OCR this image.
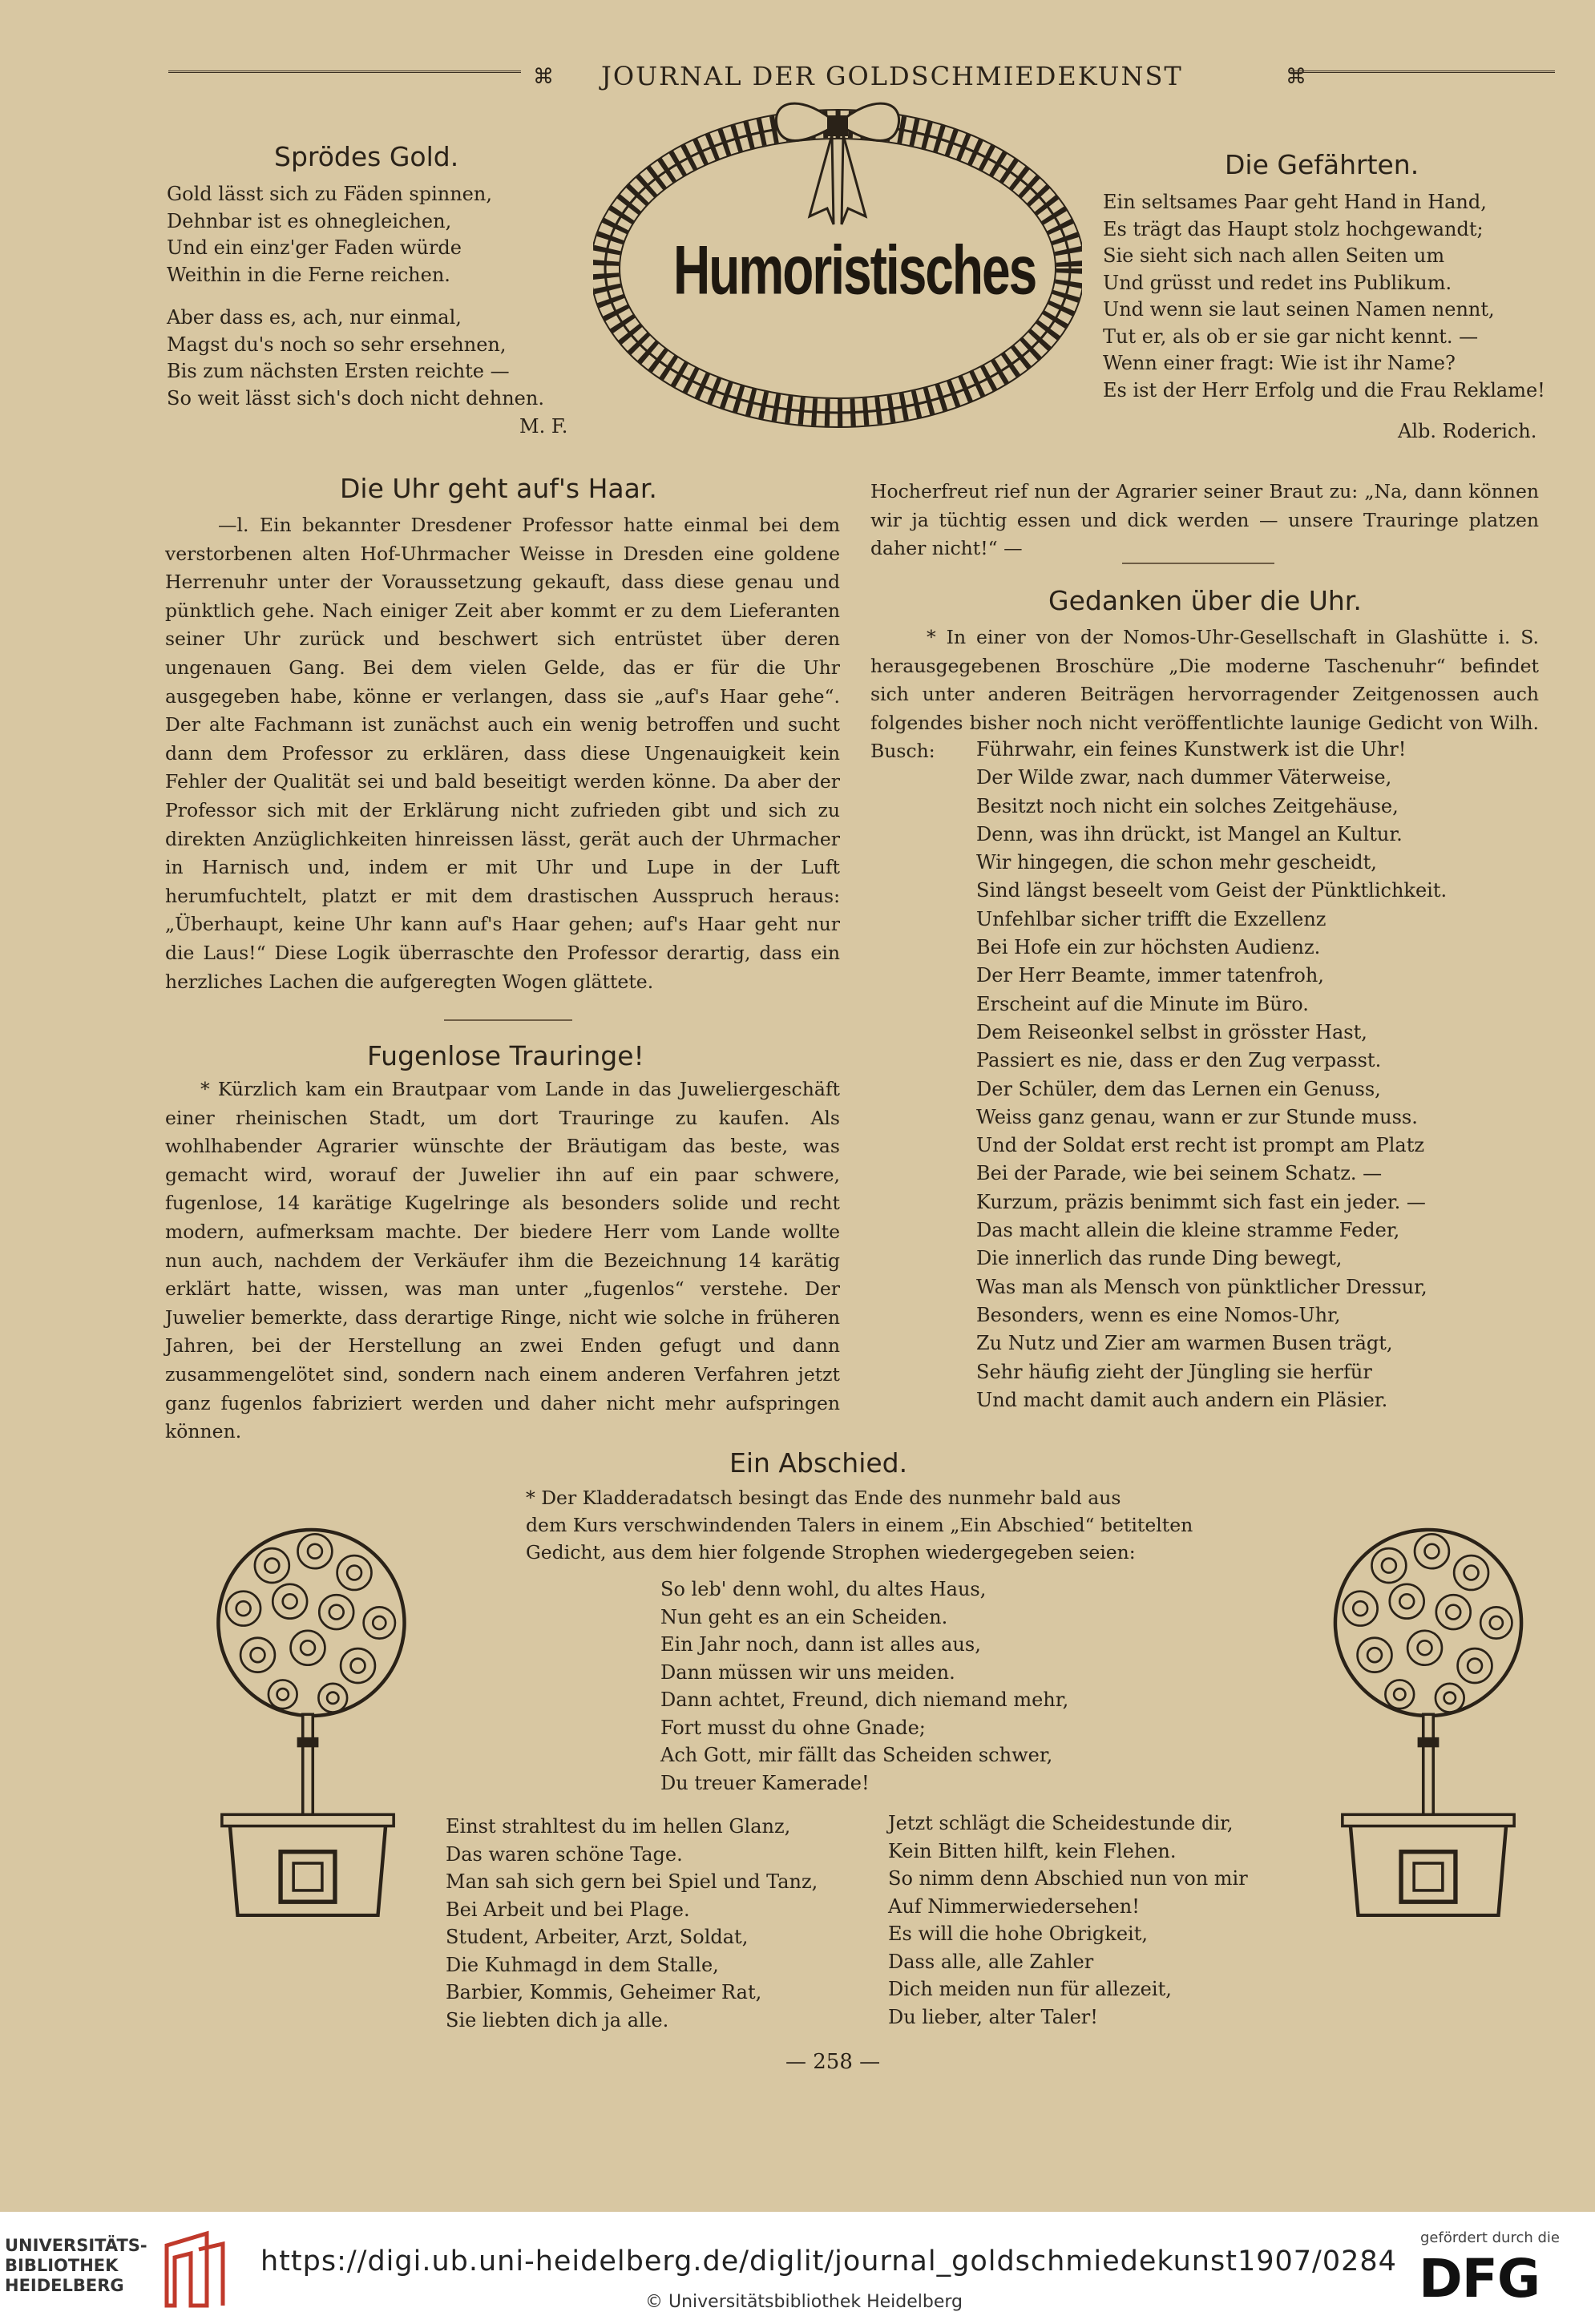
⌘ JOURNAL DER GOLDSCHMIEDEKUNST	⌘
Sprödes Gold.
Gold lässt sich zu Fäden spinnen,
Dehnbar ist es ohnegleichen,
Und ein einz'ger Faden würde
Weithin in die Ferne reichen.
Aber dass es, ach, nur einmal,
Magst du's noch so sehr ersehnen,
Bis zum nächsten Ersten reichte —
So weit lässt sich's doch nicht dehnen.
M. F.
Humoristisches
Die Gefährten.
Ein seltsames Paar geht Hand in Hand,
Es trägt das Haupt stolz hochgewandt;
Sie sieht sich nach allen Seiten um
Und grüsst und redet ins Publikum.
Und wenn sie laut seinen Namen nennt,
Tut er, als ob er sie gar nicht kennt. —
Wenn einer fragt: Wie ist ihr Name?
Es ist der Herr Erfolg und die Frau Reklame!
Alb. Roderich.
Die Uhr geht auf's Haar.
—l. Ein bekannter Dresdener Professor hatte einmal bei dem verstorbenen alten Hof-Uhrmacher Weisse in Dresden eine goldene Herrenuhr unter der Voraussetzung gekauft, dass diese genau und pünktlich gehe. Nach einiger Zeit aber kommt er zu dem Lieferanten seiner Uhr zurück und beschwert sich entrüstet über deren ungenauen Gang. Bei dem vielen Gelde, das er für die Uhr ausgegeben habe, könne er verlangen, dass sie „auf's Haar gehe“. Der alte Fachmann ist zunächst auch ein wenig betroffen und sucht dann dem Professor zu erklären, dass diese Ungenauigkeit kein Fehler der Qualität sei und bald beseitigt werden könne. Da aber der Professor sich mit der Erklärung nicht zufrieden gibt und sich zu direkten Anzüglichkeiten hinreissen lässt, gerät auch der Uhrmacher in Harnisch und, indem er mit Uhr und Lupe in der Luft herumfuchtelt, platzt er mit dem drastischen Ausspruch heraus: „Überhaupt, keine Uhr kann auf's Haar gehen; auf's Haar geht nur die Laus!“ Diese Logik überraschte den Professor derartig, dass ein herzliches Lachen die aufgeregten Wogen glättete.
Fugenlose Trauringe!
* Kürzlich kam ein Brautpaar vom Lande in das Juweliergeschäft einer rheinischen Stadt, um dort Trauringe zu kaufen. Als wohlhabender Agrarier wünschte der Bräutigam das beste, was gemacht wird, worauf der Juwelier ihn auf ein paar schwere, fugenlose, 14 karätige Kugelringe als besonders solide und recht modern, aufmerksam machte. Der biedere Herr vom Lande wollte nun auch, nachdem der Verkäufer ihm die Bezeichnung 14 karätig erklärt hatte, wissen, was man unter „fugenlos“ verstehe. Der Juwelier bemerkte, dass derartige Ringe, nicht wie solche in früheren Jahren, bei der Herstellung an zwei Enden gefugt und dann zusammengelötet sind, sondern nach einem anderen Verfahren jetzt ganz fugenlos fabriziert werden und daher nicht mehr aufspringen können.
Hocherfreut rief nun der Agrarier seiner Braut zu: „Na, dann können wir ja tüchtig essen und dick werden — unsere Trauringe platzen daher nicht!“ —
Gedanken über die Uhr.
* In einer von der Nomos-Uhr-Gesellschaft in Glashütte i. S. herausgegebenen Broschüre „Die moderne Taschenuhr“ befindet sich unter anderen Beiträgen hervorragender Zeitgenossen auch folgendes bisher noch nicht veröffentlichte launige Gedicht von Wilh. Busch:	Führwahr, ein feines Kunstwerk ist die Uhr!
Der Wilde zwar, nach dummer Väterweise,
Besitzt noch nicht ein solches Zeitgehäuse,
Denn, was ihn drückt, ist Mangel an Kultur.
Wir hingegen, die schon mehr gescheidt,
Sind längst beseelt vom Geist der Pünktlichkeit.
Unfehlbar sicher trifft die Exzellenz
Bei Hofe ein zur höchsten Audienz.
Der Herr Beamte, immer tatenfroh,
Erscheint auf die Minute im Büro.
Dem Reiseonkel selbst in grösster Hast,
Passiert es nie, dass er den Zug verpasst.
Der Schüler, dem das Lernen ein Genuss,
Weiss ganz genau, wann er zur Stunde muss.
Und der Soldat erst recht ist prompt am Platz
Bei der Parade, wie bei seinem Schatz. —
Kurzum, präzis benimmt sich fast ein jeder. —
Das macht allein die kleine stramme Feder,
Die innerlich das runde Ding bewegt,
Was man als Mensch von pünktlicher Dressur,
Besonders, wenn es eine Nomos-Uhr,
Zu Nutz und Zier am warmen Busen trägt,
Sehr häufig zieht der Jüngling sie herfür
Und macht damit auch andern ein Pläsier.
Ein Abschied.
* Der Kladderadatsch besingt das Ende des nunmehr bald aus
dem Kurs verschwindenden Talers in einem „Ein Abschied“ betitelten
Gedicht, aus dem hier folgende Strophen wiedergegeben seien:
So leb' denn wohl, du altes Haus,
Nun geht es an ein Scheiden.
Ein Jahr noch, dann ist alles aus,
Dann müssen wir uns meiden.
Dann achtet, Freund, dich niemand mehr,
Fort musst du ohne Gnade;
Ach Gott, mir fällt das Scheiden schwer,
Du treuer Kamerade!
Einst strahltest du im hellen Glanz,
Das waren schöne Tage.
Man sah sich gern bei Spiel und Tanz,
Bei Arbeit und bei Plage.
Student, Arbeiter, Arzt, Soldat,
Die Kuhmagd in dem Stalle,
Barbier, Kommis, Geheimer Rat,
Sie liebten dich ja alle.
Jetzt schlägt die Scheidestunde dir,
Kein Bitten hilft, kein Flehen.
So nimm denn Abschied nun von mir
Auf Nimmerwiedersehen!
Es will die hohe Obrigkeit,
Dass alle, alle Zahler
Dich meiden nun für allezeit,
Du lieber, alter Taler!
— 258 —
UNIVERSITÄTS-
BIBLIOTHEK
HEIDELBERG
https://digi.ub.uni-heidelberg.de/diglit/journal_goldschmiedekunst1907/0284
© Universitätsbibliothek Heidelberg
gefördert durch die
DFG
